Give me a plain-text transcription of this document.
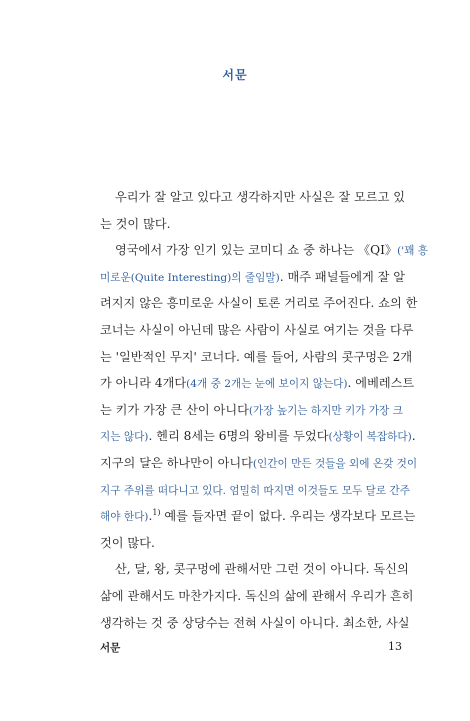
서문
우리가 잘 알고 있다고 생각하지만 사실은 잘 모르고 있
는 것이 많다.
영국에서 가장 인기 있는 코미디 쇼 중 하나는 《QI》('꽤 흥
미로운(Quite Interesting)의 줄임말). 매주 패널들에게 잘 알
려지지 않은 흥미로운 사실이 토론 거리로 주어진다. 쇼의 한
코너는 사실이 아닌데 많은 사람이 사실로 여기는 것을 다루
는 '일반적인 무지' 코너다. 예를 들어, 사람의 콧구멍은 2개
가 아니라 4개다(4개 중 2개는 눈에 보이지 않는다). 에베레스트
는 키가 가장 큰 산이 아니다(가장 높기는 하지만 키가 가장 크
지는 않다). 헨리 8세는 6명의 왕비를 두었다(상황이 복잡하다).
지구의 달은 하나만이 아니다(인간이 만든 것들을 외에 온갖 것이
지구 주위를 떠다니고 있다. 엄밀히 따지면 이것들도 모두 달로 간주
해야 한다).$^{1)}$ 예를 들자면 끝이 없다. 우리는 생각보다 모르는
것이 많다.
산, 달, 왕, 콧구멍에 관해서만 그런 것이 아니다. 독신의
삶에 관해서도 마찬가지다. 독신의 삶에 관해서 우리가 흔히
생각하는 것 중 상당수는 전혀 사실이 아니다. 최소한, 사실
서문	13
